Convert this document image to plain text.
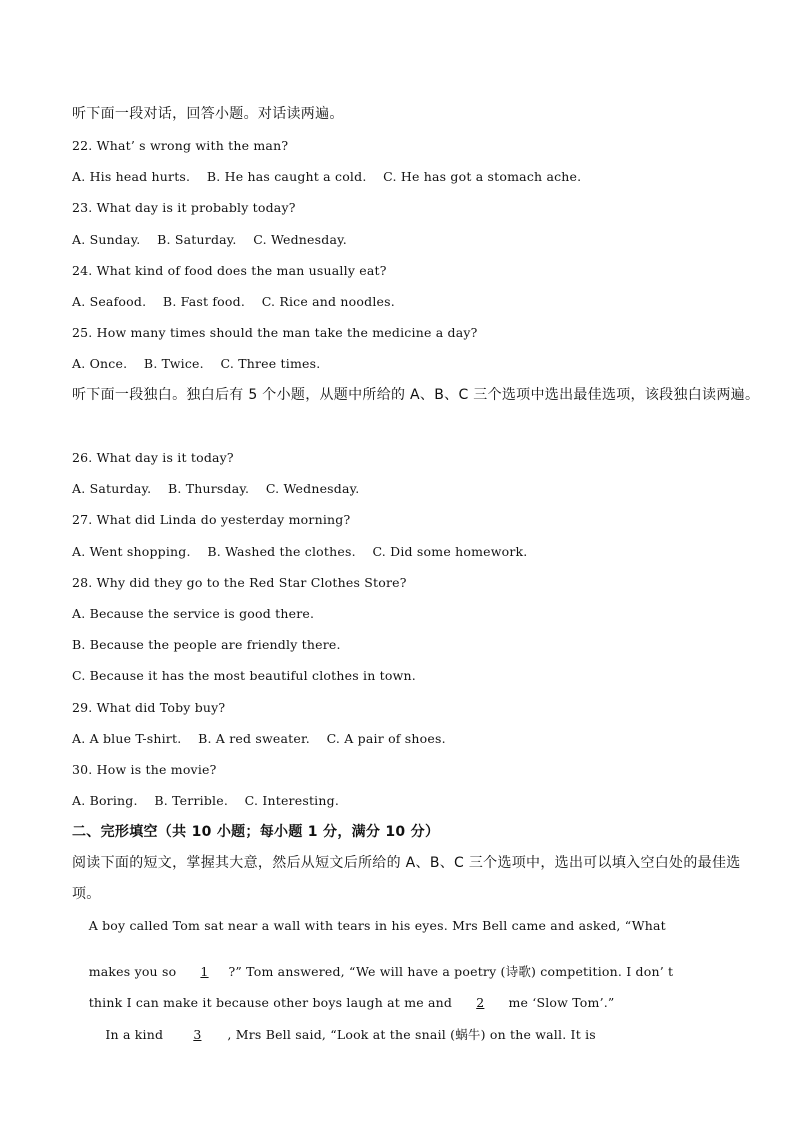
听下面一段对话，回答小题。对话读两遍。
22. What’ s wrong with the man?
A. His head hurts.    B. He has caught a cold.    C. He has got a stomach ache.
23. What day is it probably today?
A. Sunday.    B. Saturday.    C. Wednesday.
24. What kind of food does the man usually eat?
A. Seafood.    B. Fast food.    C. Rice and noodles.
25. How many times should the man take the medicine a day?
A. Once.    B. Twice.    C. Three times.
听下面一段独白。独白后有 5 个小题，从题中所给的 A、B、C 三个选项中选出最佳选项，该段独白读两遍。
26. What day is it today?
A. Saturday.    B. Thursday.    C. Wednesday.
27. What did Linda do yesterday morning?
A. Went shopping.    B. Washed the clothes.    C. Did some homework.
28. Why did they go to the Red Star Clothes Store?
A. Because the service is good there.
B. Because the people are friendly there.
C. Because it has the most beautiful clothes in town.
29. What did Toby buy?
A. A blue T-shirt.    B. A red sweater.    C. A pair of shoes.
30. How is the movie?
A. Boring.    B. Terrible.    C. Interesting.
二、完形填空（共 10 小题；每小题 1 分，满分 10 分）
阅读下面的短文，掌握其大意，然后从短文后所给的 A、B、C 三个选项中，选出可以填入空白处的最佳选
项。
A boy called Tom sat near a wall with tears in his eyes. Mrs Bell came and asked, “What

makes you so 1 ?” Tom answered, “We will have a poetry (诗歌) competition. I don’ t

think I can make it because other boys laugh at me and 2 me ‘Slow Tom’.”

In a kind 3 , Mrs Bell said, “Look at the snail (蜗牛) on the wall. It is
